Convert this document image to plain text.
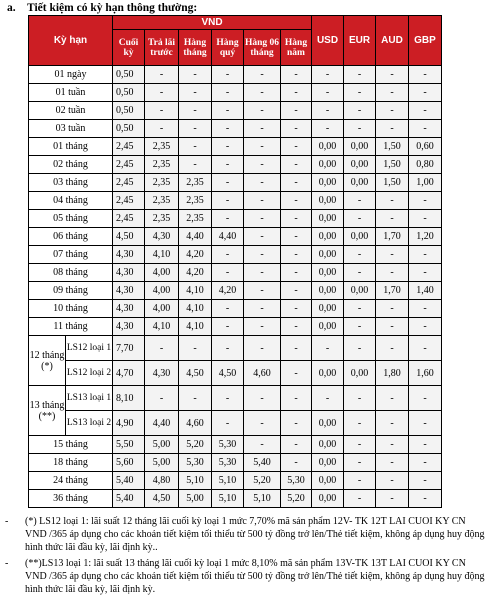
a. Tiết kiệm có kỳ hạn thông thường:
Kỳ hạn		VND						USD	EUR	AUD	GBP
		Cuối kỳ	Trả lãi trước	Hàng tháng	Hàng quý	Hàng 06 tháng	Hàng năm				
01 ngày		0,50	-	-	-	-	-	-	-	-	-
01 tuần		0,50	-	-	-	-	-	-	-	-	-
02 tuần		0,50	-	-	-	-	-	-	-	-	-
03 tuần		0,50	-	-	-	-	-	-	-	-	-
01 tháng		2,45	2,35	-	-	-	-	0,00	0,00	1,50	0,60
02 tháng		2,45	2,35	-	-	-	-	0,00	0,00	1,50	0,80
03 tháng		2,45	2,35	2,35	-	-	-	0,00	0,00	1,50	1,00
04 tháng		2,45	2,35	2,35	-	-	-	0,00	-	-	-
05 tháng		2,45	2,35	2,35	-	-	-	0,00	-	-	-
06 tháng		4,50	4,30	4,40	4,40	-	-	0,00	0,00	1,70	1,20
07 tháng		4,30	4,10	4,20	-	-	-	0,00	-	-	-
08 tháng		4,30	4,00	4,20	-	-	-	0,00	-	-	-
09 tháng		4,30	4,00	4,10	4,20	-	-	0,00	0,00	1,70	1,40
10 tháng		4,30	4,00	4,10	-	-	-	0,00	-	-	-
11 tháng		4,30	4,10	4,10	-	-	-	0,00	-	-	-

12 tháng
(*)	LS12 loại 1	7,70	-	-	-	-	-	-	-	-	-
	LS12 loại 2	4,70	4,30	4,50	4,50	4,60	-	0,00	0,00	1,80	1,60

13 tháng
(**)	LS13 loại 1	8,10	-	-	-	-	-	-	-	-	-
	LS13 loại 2	4,90	4,40	4,60	-	-	-	0,00	-	-	-
15 tháng		5,50	5,00	5,20	5,30	-	-	0,00	-	-	-
18 tháng		5,60	5,00	5,30	5,30	5,40	-	0,00	-	-	-
24 tháng		5,40	4,80	5,10	5,10	5,20	5,30	0,00	-	-	-
36 tháng		5,40	4,50	5,00	5,10	5,10	5,20	0,00	-	-	-
-	(*) LS12 loại 1: lãi suất 12 tháng lãi cuối kỳ loại 1 mức 7,70% mã sản phẩm 12V- TK 12T LAI CUOI KY CN VND /365 áp dụng cho các khoản tiết kiệm tối thiểu từ 500 tỷ đồng trở lên/Thẻ tiết kiệm, không áp dụng huy động hình thức lãi đầu kỳ, lãi định kỳ..
-	(**)LS13 loại 1: lãi suất 13 tháng lãi cuối kỳ loại 1 mức 8,10% mã sản phẩm 13V-TK 13T LAI CUOI KY CN VND /365 áp dụng cho các khoản tiết kiệm tối thiểu từ 500 tỷ đồng trở lên/Thẻ tiết kiệm, không áp dụng huy động hình thức lãi đầu kỳ, lãi định kỳ.
